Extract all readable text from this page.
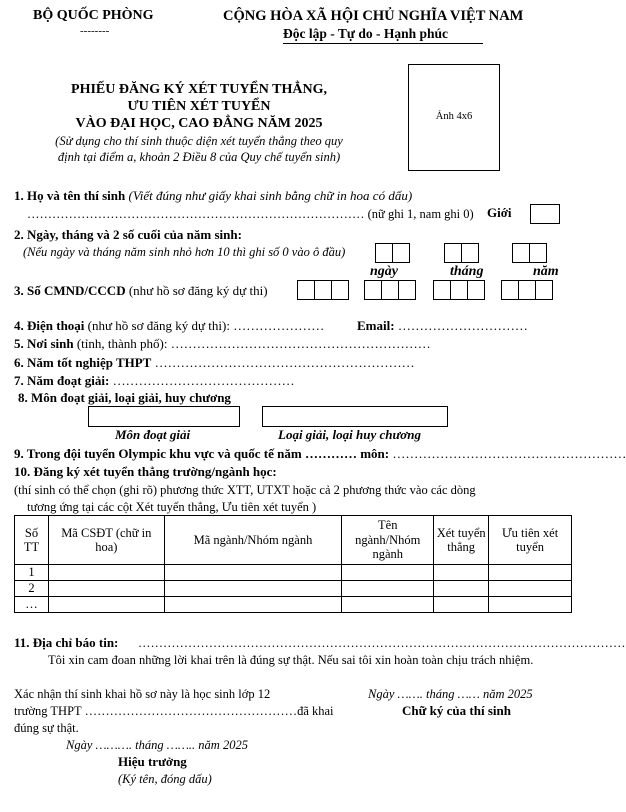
BỘ QUỐC PHÒNG
--------
CỘNG HÒA XÃ HỘI CHỦ NGHĨA VIỆT NAM
Độc lập - Tự do - Hạnh phúc
PHIẾU ĐĂNG KÝ XÉT TUYỂN THẲNG,
ƯU TIÊN XÉT TUYỂN
VÀO ĐẠI HỌC, CAO ĐẲNG NĂM 2025
(Sử dụng cho thí sinh thuộc diện xét tuyển thẳng theo quy
định tại điểm a, khoản 2 Điều 8 của Quy chế tuyển sinh)
Ảnh 4x6
1. Họ và tên thí sinh (Viết đúng như giấy khai sinh bằng chữ in hoa có dấu)
……………………………………………………………………… (nữ ghi 1, nam ghi 0) Giới
2. Ngày, tháng và 2 số cuối của năm sinh:
(Nếu ngày và tháng năm sinh nhỏ hơn 10 thì ghi số 0 vào ô đầu)
ngày	tháng	năm
3. Số CMND/CCCD (như hồ sơ đăng ký dự thi)
4. Điện thoại (như hồ sơ đăng ký dự thi): …………………	Email: …………………………
5. Nơi sinh (tỉnh, thành phố): ……………………………………………………
6. Năm tốt nghiệp THPT ……………………………………………………
7. Năm đoạt giải: ……………………………………
8. Môn đoạt giải, loại giải, huy chương
Môn đoạt giải	Loại giải, loại huy chương
9. Trong đội tuyển Olympic khu vực và quốc tế năm ………… môn: ………………………………………………
10. Đăng ký xét tuyển thẳng trường/ngành học:
(thí sinh có thể chọn (ghi rõ) phương thức XTT, UTXT hoặc cả 2 phương thức vào các dòng
tương ứng tại các cột Xét tuyển thẳng, Ưu tiên xét tuyển )
Số TT	Mã CSĐT (chữ in hoa)	Mã ngành/Nhóm ngành	Tên ngành/Nhóm ngành	Xét tuyển thẳng	Ưu tiên xét tuyển
1					
2					
…					
11. Địa chỉ báo tin: ………………………………………………………………………………………………………
Tôi xin cam đoan những lời khai trên là đúng sự thật. Nếu sai tôi xin hoàn toàn chịu trách nhiệm.
Xác nhận thí sinh khai hồ sơ này là học sinh lớp 12
trường THPT ……………………………………………đã khai
đúng sự thật.
Ngày ……. tháng …… năm 2025
Chữ ký của thí sinh
Ngày ………. tháng …….. năm 2025
Hiệu trưởng
(Ký tên, đóng dấu)
